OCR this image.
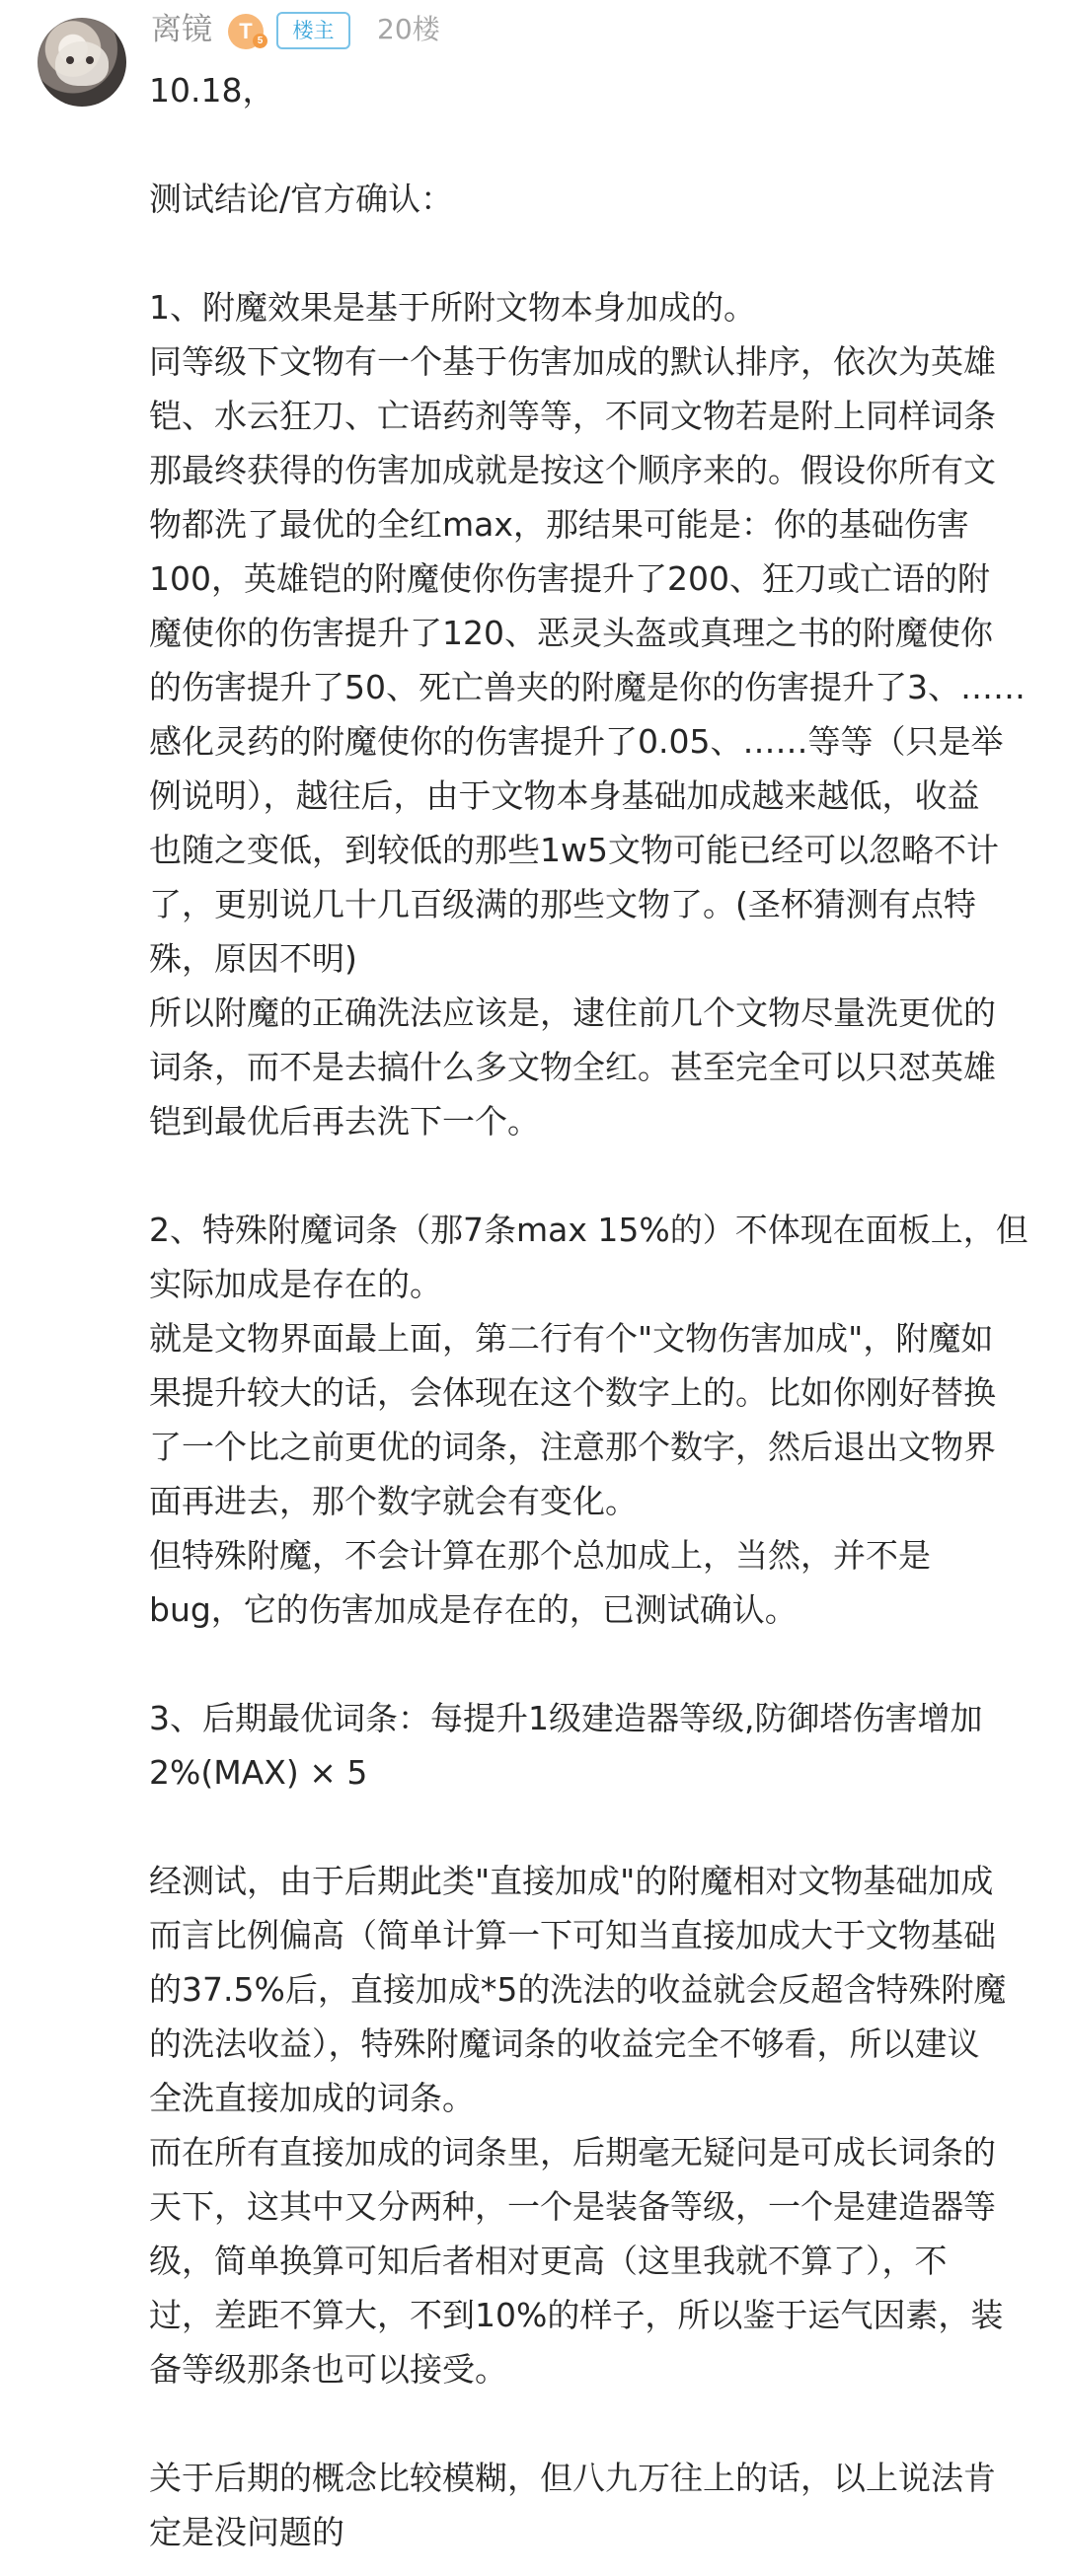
离镜	T 5	楼主	20楼
10.18，
测试结论/官方确认：
1、附魔效果是基于所附文物本身加成的。
同等级下文物有一个基于伤害加成的默认排序，依次为英雄
铠、水云狂刀、亡语药剂等等，不同文物若是附上同样词条
那最终获得的伤害加成就是按这个顺序来的。假设你所有文
物都洗了最优的全红max，那结果可能是：你的基础伤害
100，英雄铠的附魔使你伤害提升了200、狂刀或亡语的附
魔使你的伤害提升了120、恶灵头盔或真理之书的附魔使你
的伤害提升了50、死亡兽夹的附魔是你的伤害提升了3、……
感化灵药的附魔使你的伤害提升了0.05、……等等（只是举
例说明），越往后，由于文物本身基础加成越来越低，收益
也随之变低，到较低的那些1w5文物可能已经可以忽略不计
了，更别说几十几百级满的那些文物了。(圣杯猜测有点特
殊，原因不明)
所以附魔的正确洗法应该是，逮住前几个文物尽量洗更优的
词条，而不是去搞什么多文物全红。甚至完全可以只怼英雄
铠到最优后再去洗下一个。
2、特殊附魔词条（那7条max 15%的）不体现在面板上，但
实际加成是存在的。
就是文物界面最上面，第二行有个"文物伤害加成"，附魔如
果提升较大的话，会体现在这个数字上的。比如你刚好替换
了一个比之前更优的词条，注意那个数字，然后退出文物界
面再进去，那个数字就会有变化。
但特殊附魔，不会计算在那个总加成上，当然，并不是
bug，它的伤害加成是存在的，已测试确认。
3、后期最优词条：每提升1级建造器等级,防御塔伤害增加
2%(MAX) × 5
经测试，由于后期此类"直接加成"的附魔相对文物基础加成
而言比例偏高（简单计算一下可知当直接加成大于文物基础
的37.5%后，直接加成*5的洗法的收益就会反超含特殊附魔
的洗法收益），特殊附魔词条的收益完全不够看，所以建议
全洗直接加成的词条。
而在所有直接加成的词条里，后期毫无疑问是可成长词条的
天下，这其中又分两种，一个是装备等级，一个是建造器等
级，简单换算可知后者相对更高（这里我就不算了），不
过，差距不算大，不到10%的样子，所以鉴于运气因素，装
备等级那条也可以接受。
关于后期的概念比较模糊，但八九万往上的话，以上说法肯
定是没问题的
